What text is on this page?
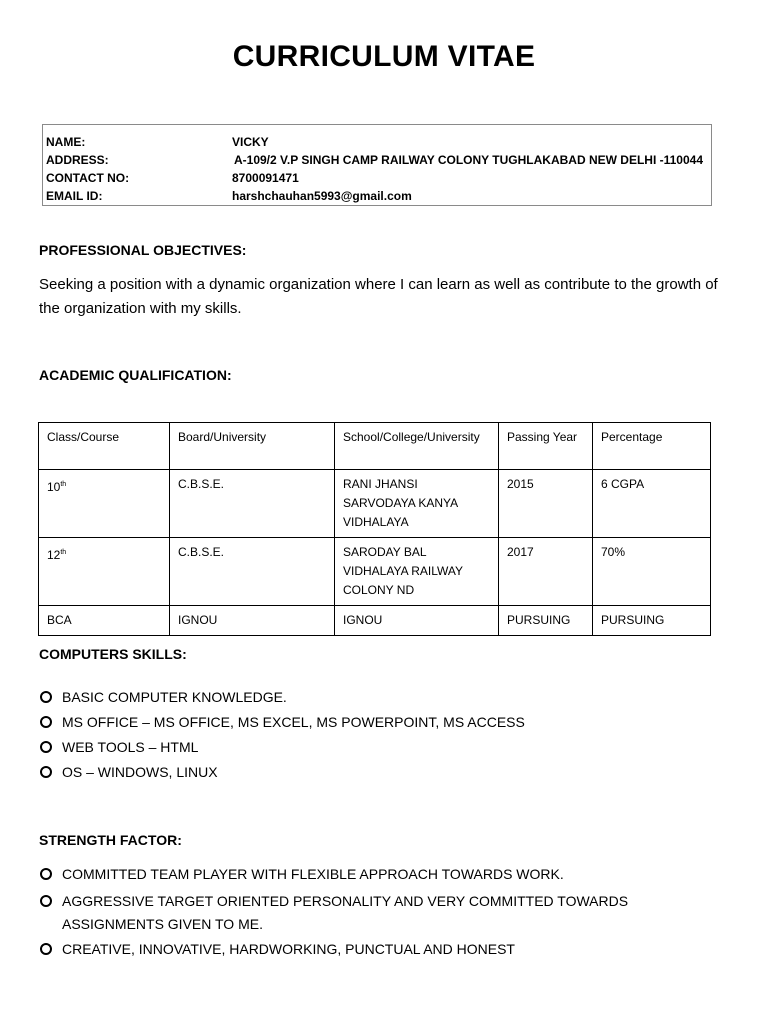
CURRICULUM VITAE
NAME:	VICKY
ADDRESS:	A-109/2 V.P SINGH CAMP RAILWAY COLONY TUGHLAKABAD NEW DELHI -110044
CONTACT NO:	8700091471
EMAIL ID:	harshchauhan5993@gmail.com
PROFESSIONAL OBJECTIVES:
Seeking a position with a dynamic organization where I can learn as well as contribute to the growth of the organization with my skills.
ACADEMIC QUALIFICATION:
Class/Course	Board/University	School/College/University	Passing Year	Percentage
10th	C.B.S.E.	RANI JHANSI SARVODAYA KANYA VIDHALAYA	2015	6 CGPA
12th	C.B.S.E.	SARODAY BAL VIDHALAYA RAILWAY COLONY ND	2017	70%
BCA	IGNOU	IGNOU	PURSUING	PURSUING
COMPUTERS SKILLS:
BASIC COMPUTER KNOWLEDGE.
MS OFFICE – MS OFFICE, MS EXCEL, MS POWERPOINT, MS ACCESS
WEB TOOLS – HTML
OS – WINDOWS, LINUX
STRENGTH FACTOR:
COMMITTED TEAM PLAYER WITH FLEXIBLE APPROACH TOWARDS WORK.
AGGRESSIVE TARGET ORIENTED PERSONALITY AND VERY COMMITTED TOWARDS ASSIGNMENTS GIVEN TO ME.
CREATIVE, INNOVATIVE, HARDWORKING, PUNCTUAL AND HONEST
